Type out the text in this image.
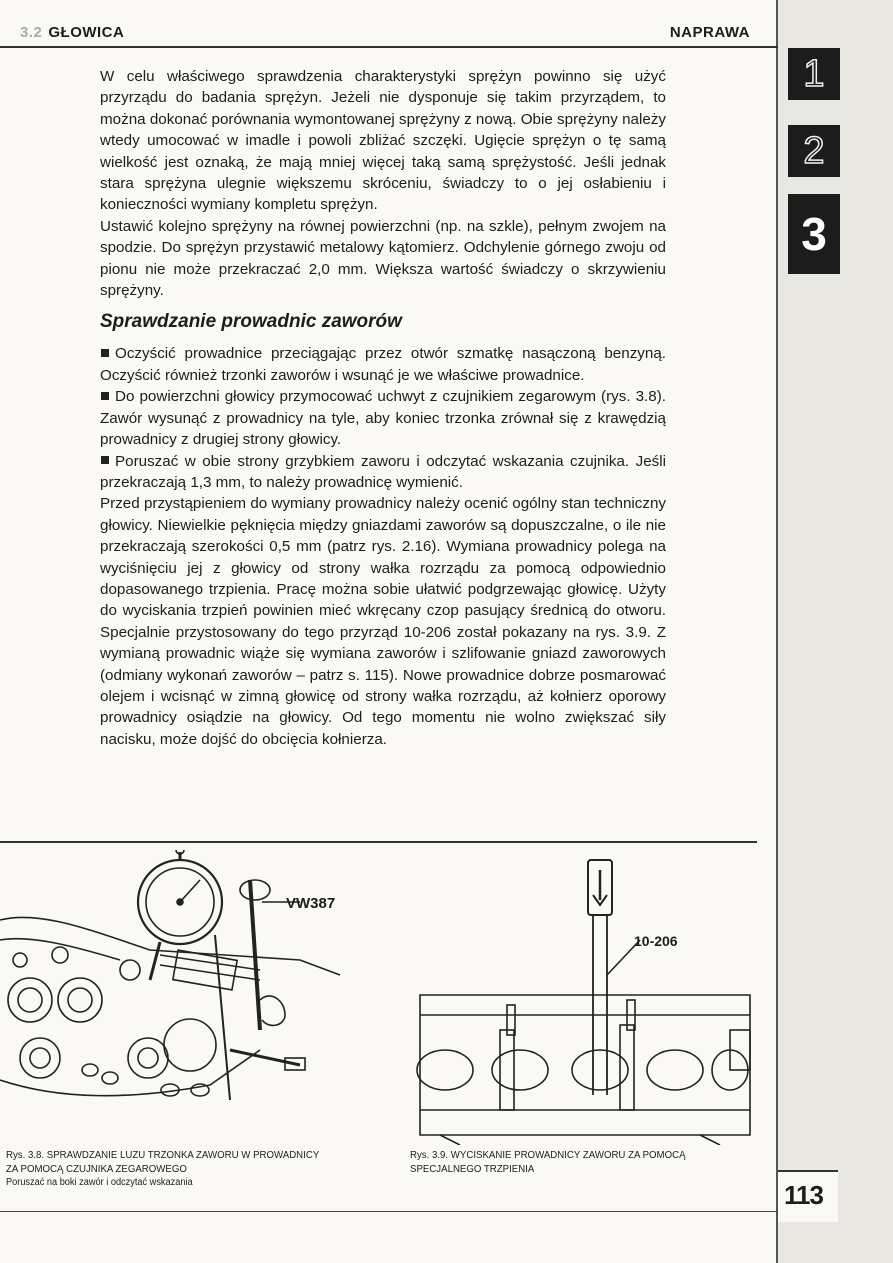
3.2 GŁOWICA	NAPRAWA

W celu właściwego sprawdzenia charakterystyki sprężyn powinno się użyć przyrządu do badania sprężyn. Jeżeli nie dysponuje się takim przyrządem, to można dokonać porównania wymontowanej sprężyny z nową. Obie sprężyny należy wtedy umocować w imadle i powoli zbliżać szczęki. Ugięcie sprężyn o tę samą wielkość jest oznaką, że mają mniej więcej taką samą sprężystość. Jeśli jednak stara sprężyna ulegnie większemu skróceniu, świadczy to o jej osłabieniu i konieczności wymiany kompletu sprężyn.

Ustawić kolejno sprężyny na równej powierzchni (np. na szkle), pełnym zwojem na spodzie. Do sprężyn przystawić metalowy kątomierz. Odchylenie górnego zwoju od pionu nie może przekraczać 2,0 mm. Większa wartość świadczy o skrzywieniu sprężyny.

Sprawdzanie prowadnic zaworów

Oczyścić prowadnice przeciągając przez otwór szmatkę nasączoną benzyną. Oczyścić również trzonki zaworów i wsunąć je we właściwe prowadnice.

Do powierzchni głowicy przymocować uchwyt z czujnikiem zegarowym (rys. 3.8). Zawór wysunąć z prowadnicy na tyle, aby koniec trzonka zrównał się z krawędzią prowadnicy z drugiej strony głowicy.

Poruszać w obie strony grzybkiem zaworu i odczytać wskazania czujnika. Jeśli przekraczają 1,3 mm, to należy prowadnicę wymienić.

Przed przystąpieniem do wymiany prowadnicy należy ocenić ogólny stan techniczny głowicy. Niewielkie pęknięcia między gniazdami zaworów są dopuszczalne, o ile nie przekraczają szerokości 0,5 mm (patrz rys. 2.16). Wymiana prowadnicy polega na wyciśnięciu jej z głowicy od strony wałka rozrządu za pomocą odpowiednio dopasowanego trzpienia. Pracę można sobie ułatwić podgrzewając głowicę. Użyty do wyciskania trzpień powinien mieć wkręcany czop pasujący średnicą do otworu. Specjalnie przystosowany do tego przyrząd 10-206 został pokazany na rys. 3.9. Z wymianą prowadnic wiąże się wymiana zaworów i szlifowanie gniazd zaworowych (odmiany wykonań zaworów – patrz s. 115). Nowe prowadnice dobrze posmarować olejem i wcisnąć w zimną głowicę od strony wałka rozrządu, aż kołnierz oporowy prowadnicy osiądzie na głowicy. Od tego momentu nie wolno zwiększać siły nacisku, może dojść do obcięcia kołnierza.

VW387
10-206
Rys. 3.8. SPRAWDZANIE LUZU TRZONKA ZAWORU W PROWADNICY
ZA POMOCĄ CZUJNIKA ZEGAROWEGO
Poruszać na boki zawór i odczytać wskazania
Rys. 3.9. WYCISKANIE PROWADNICY ZAWORU ZA POMOCĄ
SPECJALNEGO TRZPIENIA
1
2
3
113
